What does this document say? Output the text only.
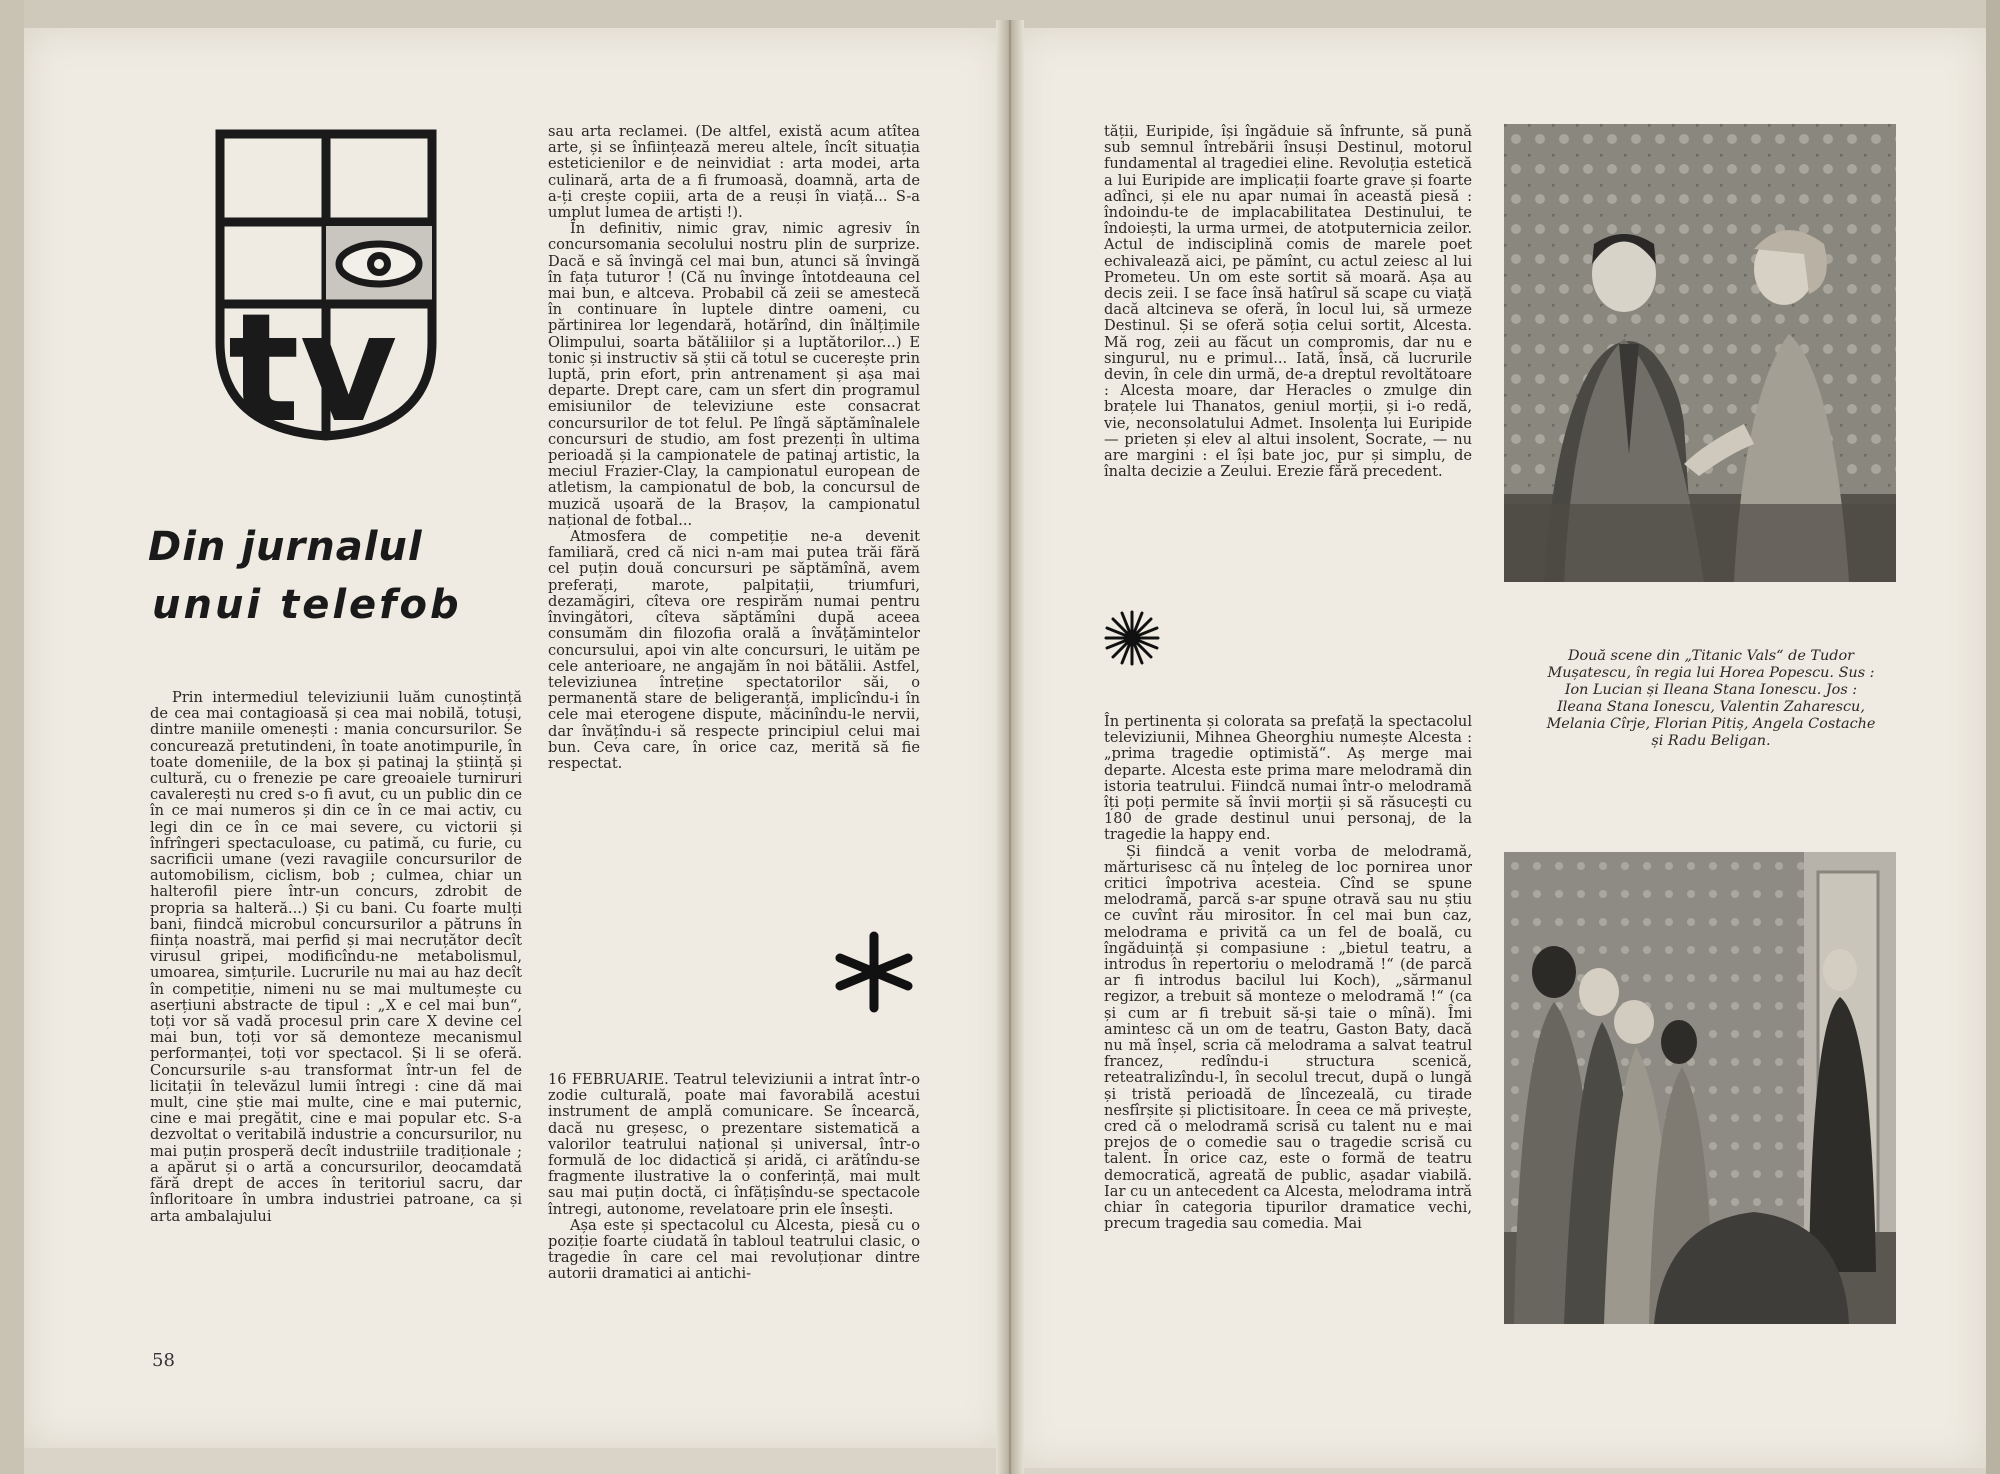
tv
Din jurnalul
unui telefob

Prin intermediul televiziunii luăm cunoștință de cea mai contagioasă și cea mai nobilă, totuși, dintre maniile omenești : mania concursurilor. Se concurează pretutindeni, în toate anotimpurile, în toate domeniile, de la box și patinaj la știință și cultură, cu o frenezie pe care greoaiele turniruri cavalerești nu cred s-o fi avut, cu un public din ce în ce mai numeros și din ce în ce mai activ, cu legi din ce în ce mai severe, cu victorii și înfrîngeri spectaculoase, cu patimă, cu furie, cu sacrificii umane (vezi ravagiile concursurilor de automobilism, ciclism, bob ; culmea, chiar un halterofil piere într-un concurs, zdrobit de propria sa halteră...) Și cu bani. Cu foarte mulți bani, fiindcă microbul concursurilor a pătruns în ființa noastră, mai perfid și mai necruțător decît virusul gripei, modificîndu-ne metabolismul, umoarea, simțurile. Lucrurile nu mai au haz decît în competiție, nimeni nu se mai multumește cu aserțiuni abstracte de tipul : „X e cel mai bun“, toți vor să vadă procesul prin care X devine cel mai bun, toți vor să demonteze mecanismul performanței, toți vor spectacol. Și li se oferă. Concursurile s-au transformat într-un fel de licitații în televăzul lumii întregi : cine dă mai mult, cine știe mai multe, cine e mai puternic, cine e mai pregătit, cine e mai popular etc. S-a dezvoltat o veritabilă industrie a concursurilor, nu mai puțin prosperă decît industriile tradiționale ; a apărut și o artă a concursurilor, deocamdată fără drept de acces în teritoriul sacru, dar înfloritoare în umbra industriei patroane, ca și arta ambalajului

58

sau arta reclamei. (De altfel, există acum atîtea arte, și se înființează mereu altele, încît situația esteticienilor e de neinvidiat : arta modei, arta culinară, arta de a fi frumoasă, doamnă, arta de a-ți crește copiii, arta de a reuși în viață... S-a umplut lumea de artiști !).

În definitiv, nimic grav, nimic agresiv în concursomania secolului nostru plin de surprize. Dacă e să învingă cel mai bun, atunci să învingă în fața tuturor ! (Că nu învinge întotdeauna cel mai bun, e altceva. Probabil că zeii se amestecă în continuare în luptele dintre oameni, cu părtinirea lor legendară, hotărînd, din înălțimile Olimpului, soarta bătăliilor și a luptătorilor...) E tonic și instructiv să știi că totul se cucerește prin luptă, prin efort, prin antrenament și așa mai departe. Drept care, cam un sfert din programul emisiunilor de televiziune este consacrat concursurilor de tot felul. Pe lîngă săptămînalele concursuri de studio, am fost prezenți în ultima perioadă și la campionatele de patinaj artistic, la meciul Frazier-Clay, la campionatul european de atletism, la campionatul de bob, la concursul de muzică ușoară de la Brașov, la campionatul național de fotbal...

Atmosfera de competiție ne-a devenit familiară, cred că nici n-am mai putea trăi fără cel puțin două concursuri pe săptămînă, avem preferați, marote, palpitații, triumfuri, dezamăgiri, cîteva ore respirăm numai pentru învingători, cîteva săptămîni după aceea consumăm din filozofia orală a învățămintelor concursului, apoi vin alte concursuri, le uităm pe cele anterioare, ne angajăm în noi bătălii. Astfel, televiziunea întreține spectatorilor săi, o permanentă stare de beligeranță, implicîndu-i în cele mai eterogene dispute, măcinîndu-le nervii, dar învățîndu-i să respecte principiul celui mai bun. Ceva care, în orice caz, merită să fie respectat.

16 FEBRUARIE. Teatrul televiziunii a intrat într-o zodie culturală, poate mai favorabilă acestui instrument de amplă comunicare. Se încearcă, dacă nu greșesc, o prezentare sistematică a valorilor teatrului național și universal, într-o formulă de loc didactică și aridă, ci arătîndu-se fragmente ilustrative la o conferință, mai mult sau mai puțin doctă, ci înfățișîndu-se spectacole întregi, autonome, revelatoare prin ele însești.

Așa este și spectacolul cu Alcesta, piesă cu o poziție foarte ciudată în tabloul teatrului clasic, o tragedie în care cel mai revoluționar dintre autorii dramatici ai antichi-

tății, Euripide, își îngăduie să înfrunte, să pună sub semnul întrebării însuși Destinul, motorul fundamental al tragediei eline. Revoluția estetică a lui Euripide are implicații foarte grave și foarte adînci, și ele nu apar numai în această piesă : îndoindu-te de implacabilitatea Destinului, te îndoiești, la urma urmei, de atotputernicia zeilor. Actul de indisciplină comis de marele poet echivalează aici, pe pămînt, cu actul zeiesc al lui Prometeu. Un om este sortit să moară. Așa au decis zeii. I se face însă hatîrul să scape cu viață dacă altcineva se oferă, în locul lui, să urmeze Destinul. Și se oferă soția celui sortit, Alcesta. Mă rog, zeii au făcut un compromis, dar nu e singurul, nu e primul... Iată, însă, că lucrurile devin, în cele din urmă, de-a dreptul revoltătoare : Alcesta moare, dar Heracles o zmulge din brațele lui Thanatos, geniul morții, și i-o redă, vie, neconsolatului Admet. Insolența lui Euripide — prieten și elev al altui insolent, Socrate, — nu are margini : el își bate joc, pur și simplu, de înalta decizie a Zeului. Erezie fără precedent.

În pertinenta și colorata sa prefață la spectacolul televiziunii, Mihnea Gheorghiu numește Alcesta : „prima tragedie optimistă“. Aș merge mai departe. Alcesta este prima mare melodramă din istoria teatrului. Fiindcă numai într-o melodramă îți poți permite să învii morții și să răsucești cu 180 de grade destinul unui personaj, de la tragedie la happy end.

Și fiindcă a venit vorba de melodramă, mărturisesc că nu înțeleg de loc pornirea unor critici împotriva acesteia. Cînd se spune melodramă, parcă s-ar spune otravă sau nu știu ce cuvînt rău mirositor. În cel mai bun caz, melodrama e privită ca un fel de boală, cu îngăduință și compasiune : „bietul teatru, a introdus în repertoriu o melodramă !“ (de parcă ar fi introdus bacilul lui Koch), „sărmanul regizor, a trebuit să monteze o melodramă !“ (ca și cum ar fi trebuit să-și taie o mînă). Îmi amintesc că un om de teatru, Gaston Baty, dacă nu mă înșel, scria că melodrama a salvat teatrul francez, redîndu-i structura scenică, reteatralizîndu-l, în secolul trecut, după o lungă și tristă perioadă de lîncezeală, cu tirade nesfîrșite și plictisitoare. În ceea ce mă privește, cred că o melodramă scrisă cu talent nu e mai prejos de o comedie sau o tragedie scrisă cu talent. În orice caz, este o formă de teatru democratică, agreată de public, așadar viabilă. Iar cu un antecedent ca Alcesta, melodrama intră chiar în categoria tipurilor dramatice vechi, precum tragedia sau comedia. Mai

Două scene din „Titanic Vals“ de Tudor Mușatescu, în regia lui Horea Popescu. Sus : Ion Lucian și Ileana Stana Ionescu. Jos : Ileana Stana Ionescu, Valentin Zaharescu, Melania Cîrje, Florian Pitiș, Angela Costache și Radu Beligan.
